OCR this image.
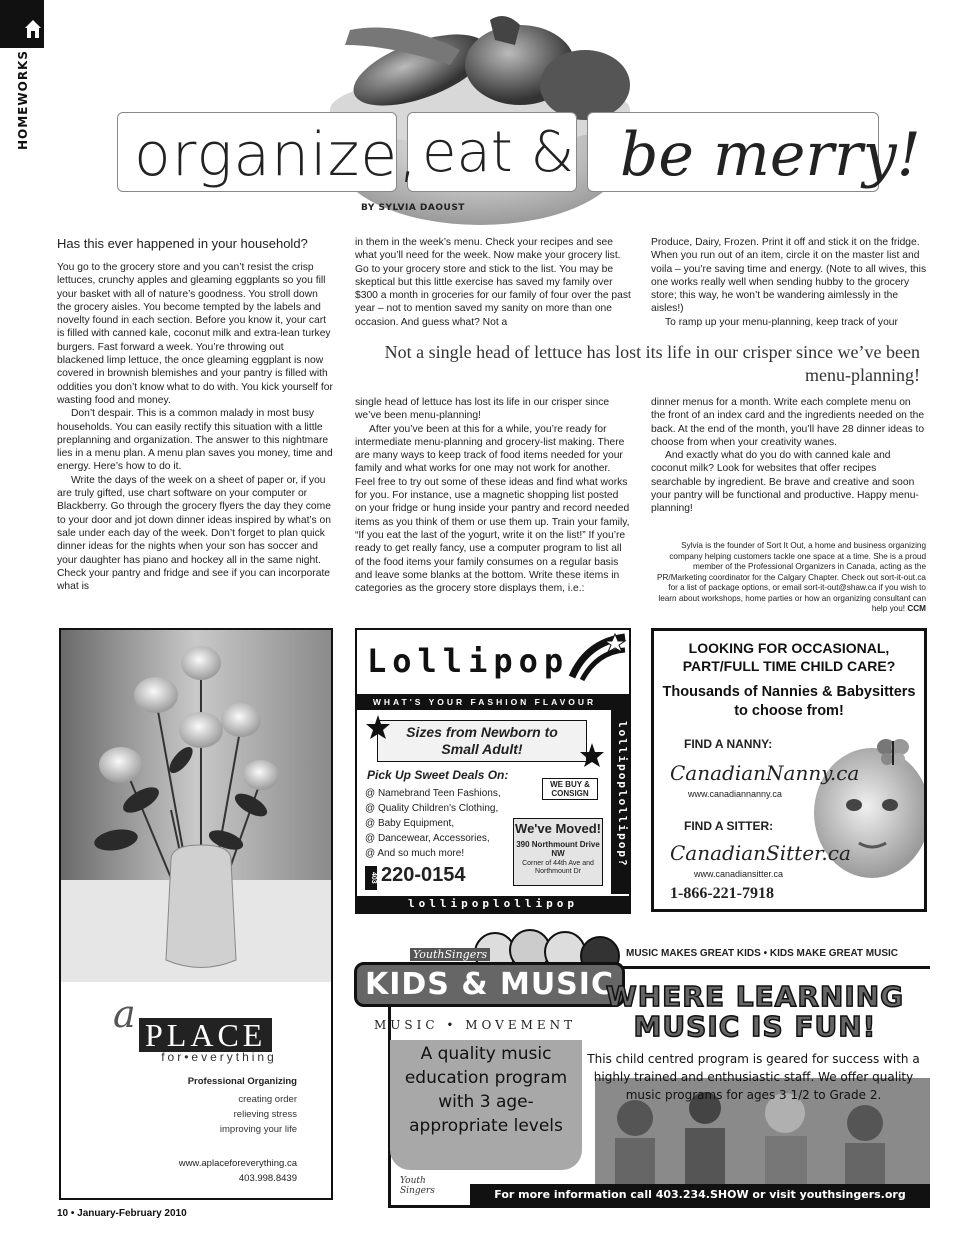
HOMEWORKS
organize, eat & be merry!
BY SYLVIA DAOUST
Has this ever happened in your household?

You go to the grocery store and you can’t resist the crisp lettuces, crunchy apples and gleaming eggplants so you fill your basket with all of nature’s goodness. You stroll down the grocery aisles. You become tempted by the labels and novelty found in each section. Before you know it, your cart is filled with canned kale, coconut milk and extra-lean turkey burgers. Fast forward a week. You’re throwing out blackened limp lettuce, the once gleaming eggplant is now covered in brownish blemishes and your pantry is filled with oddities you don’t know what to do with. You kick yourself for wasting food and money.

Don’t despair. This is a common malady in most busy households. You can easily rectify this situation with a little preplanning and organization. The answer to this nightmare lies in a menu plan. A menu plan saves you money, time and energy. Here’s how to do it.

Write the days of the week on a sheet of paper or, if you are truly gifted, use chart software on your computer or Blackberry. Go through the grocery flyers the day they come to your door and jot down dinner ideas inspired by what’s on sale under each day of the week. Don’t forget to plan quick dinner ideas for the nights when your son has soccer and your daughter has piano and hockey all in the same night. Check your pantry and fridge and see if you can incorporate what is

in them in the week’s menu. Check your recipes and see what you’ll need for the week. Now make your grocery list. Go to your grocery store and stick to the list. You may be skeptical but this little exercise has saved my family over $300 a month in groceries for our family of four over the past year – not to mention saved my sanity on more than one occasion. And guess what? Not a

Produce, Dairy, Frozen. Print it off and stick it on the fridge. When you run out of an item, circle it on the master list and voila – you’re saving time and energy. (Note to all wives, this one works really well when sending hubby to the grocery store; this way, he won’t be wandering aimlessly in the aisles!)

To ramp up your menu-planning, keep track of your

Not a single head of lettuce has lost its life in our crisper since we’ve been menu-planning!

single head of lettuce has lost its life in our crisper since we’ve been menu-planning!

After you’ve been at this for a while, you’re ready for intermediate menu-planning and grocery-list making. There are many ways to keep track of food items needed for your family and what works for one may not work for another. Feel free to try out some of these ideas and find what works for you. For instance, use a magnetic shopping list posted on your fridge or hung inside your pantry and record needed items as you think of them or use them up. Train your family, “If you eat the last of the yogurt, write it on the list!” If you’re ready to get really fancy, use a computer program to list all of the food items your family consumes on a regular basis and leave some blanks at the bottom. Write these items in categories as the grocery store displays them, i.e.:

dinner menus for a month. Write each complete menu on the front of an index card and the ingredients needed on the back. At the end of the month, you’ll have 28 dinner ideas to choose from when your creativity wanes.

And exactly what do you do with canned kale and coconut milk? Look for websites that offer recipes searchable by ingredient. Be brave and creative and soon your pantry will be functional and productive. Happy menu-planning!

Sylvia is the founder of Sort It Out, a home and business organizing company helping customers tackle one space at a time. She is a proud member of the Professional Organizers in Canada, acting as the PR/Marketing coordinator for the Calgary Chapter. Check out sort-it-out.ca for a list of package options, or email sort-it-out@shaw.ca if you wish to learn about workshops, home parties or how an organizing consultant can help you! CCM
a PLACE
for•everything
Professional Organizing
creating order
relieving stress
improving your life
www.aplaceforeverything.ca
403.998.8439
Lollipop
WHAT'S YOUR FASHION FLAVOUR
Sizes from Newborn to Small Adult!
Pick Up Sweet Deals On:
@ Namebrand Teen Fashions,
@ Quality Children's Clothing,
@ Baby Equipment,
@ Dancewear, Accessories,
@ And so much more!
WE BUY & CONSIGN
We've Moved!
390 Northmount Drive NW
Corner of 44th Ave and Northmount Dr
403 220-0154
lollipoplollipop?
lollipoplollipop
LOOKING FOR OCCASIONAL, PART/FULL TIME CHILD CARE?
Thousands of Nannies & Babysitters to choose from!
FIND A NANNY:
CanadianNanny.ca
www.canadiannanny.ca
FIND A SITTER:
CanadianSitter.ca
www.canadiansitter.ca
1-866-221-7918
MUSIC MAKES GREAT KIDS • KIDS MAKE GREAT MUSIC
YouthSingers
KIDS & MUSIC
MUSIC • MOVEMENT
WHERE LEARNING MUSIC IS FUN!
A quality music education program with 3 age-appropriate levels
This child centred program is geared for success with a highly trained and enthusiastic staff. We offer quality music programs for ages 3 1/2 to Grade 2.
Youth Singers	For more information call 403.234.SHOW or visit youthsingers.org
10 • January-February 2010
